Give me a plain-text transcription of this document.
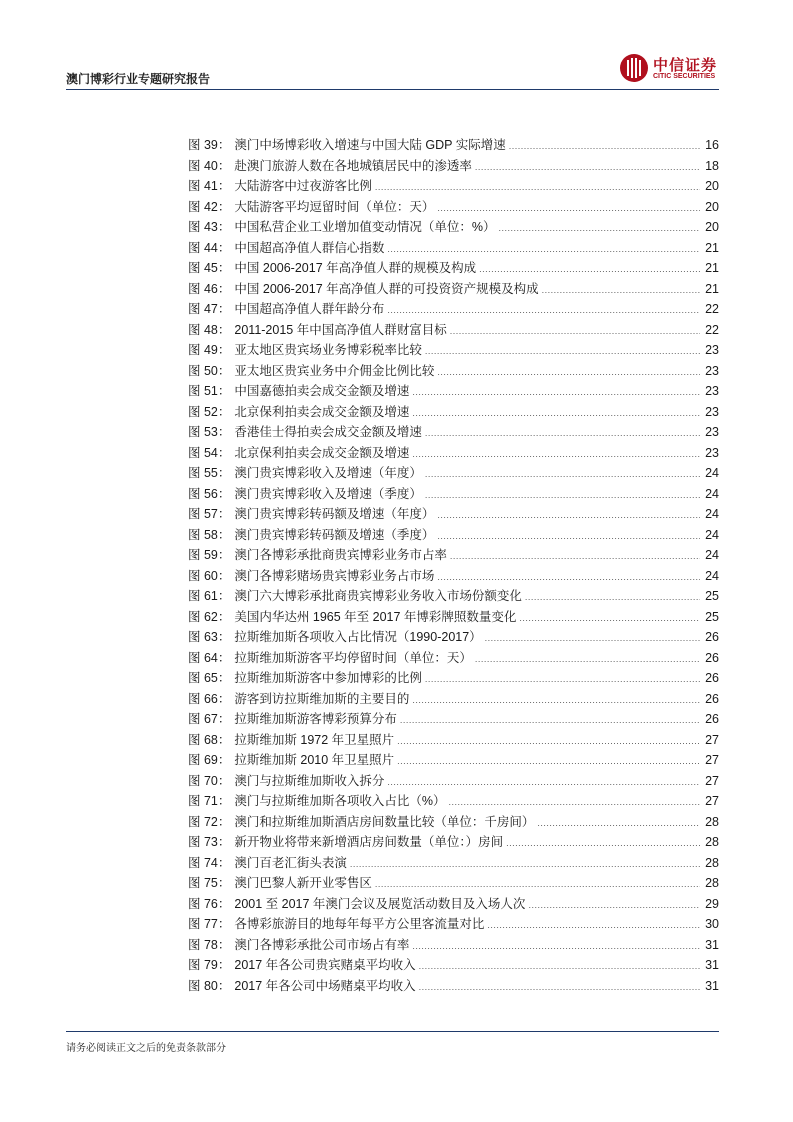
澳门博彩行业专题研究报告
中信证券
CITIC SECURITIES
图 39： 澳门中场博彩收入增速与中国大陆 GDP 实际增速 .....	16
图 40： 赴澳门旅游人数在各地城镇居民中的渗透率 .....	18
图 41： 大陆游客中过夜游客比例 .....	20
图 42： 大陆游客平均逗留时间（单位：天） .....	20
图 43： 中国私营企业工业增加值变动情况（单位：%） .....	20
图 44： 中国超高净值人群信心指数 .....	21
图 45： 中国 2006-2017 年高净值人群的规模及构成 .....	21
图 46： 中国 2006-2017 年高净值人群的可投资资产规模及构成 .....	21
图 47： 中国超高净值人群年龄分布 .....	22
图 48： 2011-2015 年中国高净值人群财富目标 .....	22
图 49： 亚太地区贵宾场业务博彩税率比较 .....	23
图 50： 亚太地区贵宾业务中介佣金比例比较 .....	23
图 51： 中国嘉德拍卖会成交金额及增速 .....	23
图 52： 北京保利拍卖会成交金额及增速 .....	23
图 53： 香港佳士得拍卖会成交金额及增速 .....	23
图 54： 北京保利拍卖会成交金额及增速 .....	23
图 55： 澳门贵宾博彩收入及增速（年度） .....	24
图 56： 澳门贵宾博彩收入及增速（季度） .....	24
图 57： 澳门贵宾博彩转码额及增速（年度） .....	24
图 58： 澳门贵宾博彩转码额及增速（季度） .....	24
图 59： 澳门各博彩承批商贵宾博彩业务市占率 .....	24
图 60： 澳门各博彩赌场贵宾博彩业务占市场 .....	24
图 61： 澳门六大博彩承批商贵宾博彩业务收入市场份额变化 .....	25
图 62： 美国内华达州 1965 年至 2017 年博彩牌照数量变化 .....	25
图 63： 拉斯维加斯各项收入占比情况（1990-2017） .....	26
图 64： 拉斯维加斯游客平均停留时间（单位：天） .....	26
图 65： 拉斯维加斯游客中参加博彩的比例 .....	26
图 66： 游客到访拉斯维加斯的主要目的 .....	26
图 67： 拉斯维加斯游客博彩预算分布 .....	26
图 68： 拉斯维加斯 1972 年卫星照片 .....	27
图 69： 拉斯维加斯 2010 年卫星照片 .....	27
图 70： 澳门与拉斯维加斯收入拆分 .....	27
图 71： 澳门与拉斯维加斯各项收入占比（%） .....	27
图 72： 澳门和拉斯维加斯酒店房间数量比较（单位：千房间） .....	28
图 73： 新开物业将带来新增酒店房间数量（单位：）房间 .....	28
图 74： 澳门百老汇街头表演 .....	28
图 75： 澳门巴黎人新开业零售区 .....	28
图 76： 2001 至 2017 年澳门会议及展览活动数目及入场人次 .....	29
图 77： 各博彩旅游目的地每年每平方公里客流量对比 .....	30
图 78： 澳门各博彩承批公司市场占有率 .....	31
图 79： 2017 年各公司贵宾赌桌平均收入 .....	31
图 80： 2017 年各公司中场赌桌平均收入 .....	31
请务必阅读正文之后的免责条款部分
